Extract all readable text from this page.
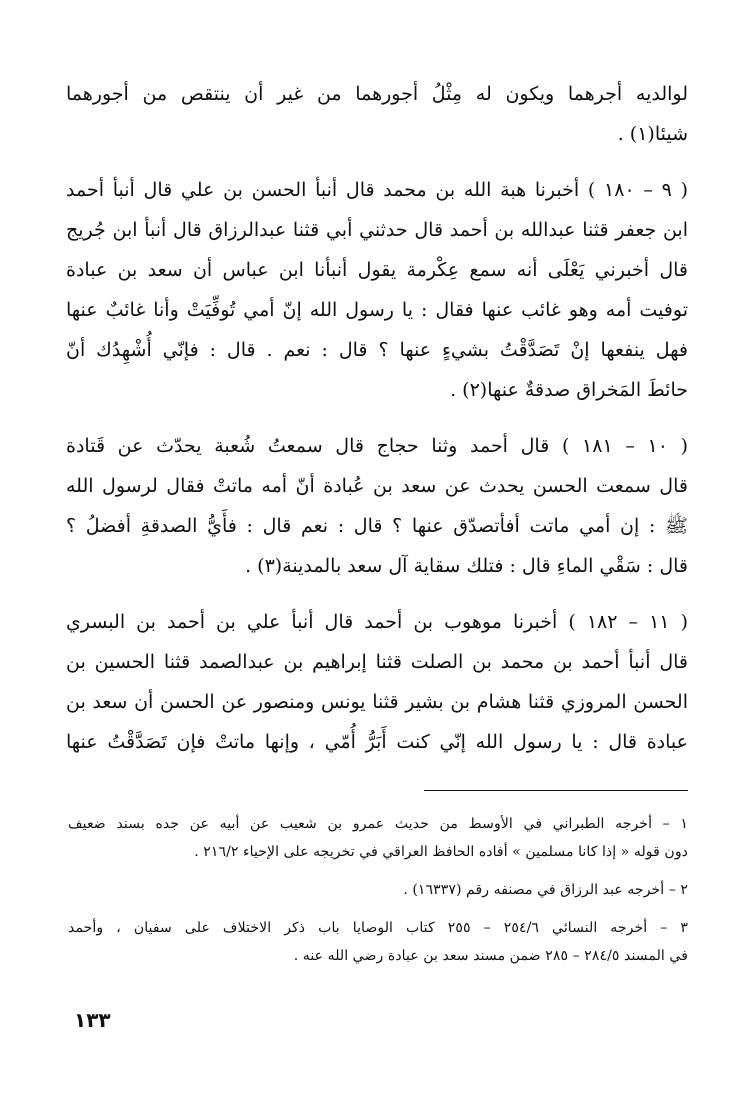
لوالديه أجرهما ويكون له مِثْلُ أجورهما من غير أن ينتقص من أجورهما
شيئا(١) .

( ٩ – ١٨٠ ) أخبرنا هبة الله بن محمد قال أنبأ الحسن بن علي قال أنبأ أحمد
ابن جعفر قثنا عبدالله بن أحمد قال حدثني أبي قثنا عبدالرزاق قال أنبأ ابن جُريج
قال أخبرني يَعْلَى أنه سمع عِكْرمة يقول أنبأنا ابن عباس أن سعد بن عبادة
توفيت أمه وهو غائب عنها فقال : يا رسول الله إنّ أمي تُوفِّيَتْ وأنا غائبٌ عنها
فهل ينفعها إنْ تَصَدَّقْتُ بشيءٍ عنها ؟ قال : نعم . قال : فإنّي أُشْهِدُك أنّ
حائطَ المَخراق صدقةٌ عنها(٢) .

( ١٠ – ١٨١ ) قال أحمد وثنا حجاج قال سمعتُ شُعبة يحدّث عن قَتادة
قال سمعت الحسن يحدث عن سعد بن عُبادة أنّ أمه ماتتْ فقال لرسول الله
ﷺ : إن أمي ماتت أفأتصدّق عنها ؟ قال : نعم قال : فأَيُّ الصدقةِ أفضلُ ؟
قال : سَقْي الماءِ قال : فتلك سقاية آل سعد بالمدينة(٣) .

( ١١ – ١٨٢ ) أخبرنا موهوب بن أحمد قال أنبأ علي بن أحمد بن البسري
قال أنبأ أحمد بن محمد بن الصلت قثنا إبراهيم بن عبدالصمد قثنا الحسين بن
الحسن المروزي قثنا هشام بن بشير قثنا يونس ومنصور عن الحسن أن سعد بن
عبادة قال : يا رسول الله إنّي كنت أَبَرُّ أُمّي ، وإنها ماتتْ فإن تَصَدَّقْتُ عنها

١ – أخرجه الطبراني في الأوسط من حديث عمرو بن شعيب عن أبيه عن جده بسند ضعيف
دون قوله « إذا كانا مسلمين » أفاده الحافظ العراقي في تخريجه على الإحياء ٢١٦/٢ .

٢ – أخرجه عبد الرزاق في مصنفه رقم (١٦٣٣٧) .

٣ – أخرجه النسائي ٢٥٤/٦ – ٢٥٥ كتاب الوصايا باب ذكر الاختلاف على سفيان ، وأحمد
في المسند ٢٨٤/٥ – ٢٨٥ ضمن مسند سعد بن عبادة رضي الله عنه .

١٣٣
